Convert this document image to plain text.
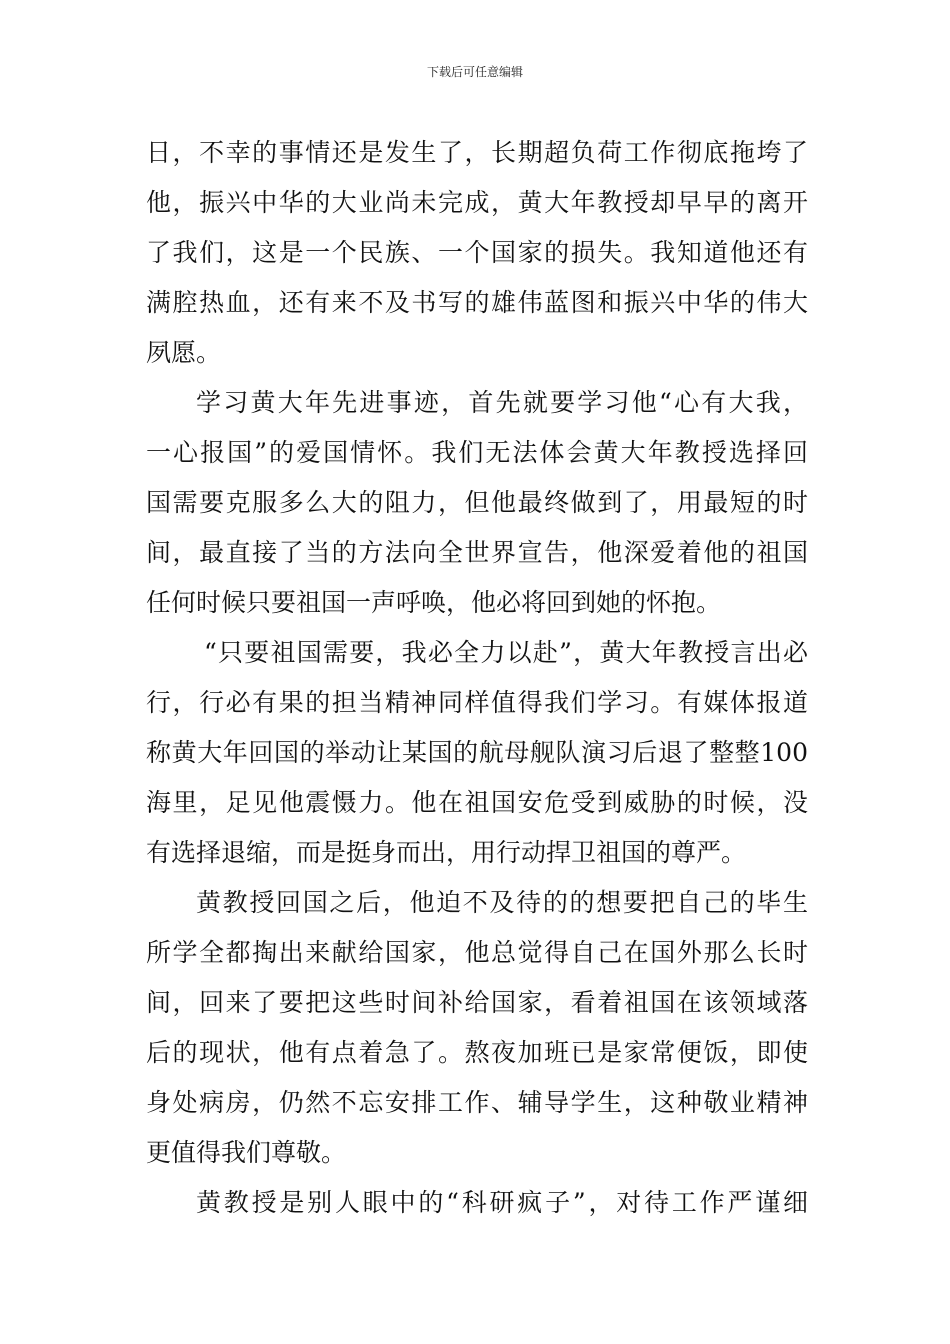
下载后可任意编辑
日，不幸的事情还是发生了，长期超负荷工作彻底拖垮了
他，振兴中华的大业尚未完成，黄大年教授却早早的离开
了我们，这是一个民族、一个国家的损失。我知道他还有
满腔热血，还有来不及书写的雄伟蓝图和振兴中华的伟大
夙愿。
学习黄大年先进事迹，首先就要学习他“心有大我，
一心报国”的爱国情怀。我们无法体会黄大年教授选择回
国需要克服多么大的阻力，但他最终做到了，用最短的时
间，最直接了当的方法向全世界宣告，他深爱着他的祖国
任何时候只要祖国一声呼唤，他必将回到她的怀抱。
“只要祖国需要，我必全力以赴”，黄大年教授言出必
行，行必有果的担当精神同样值得我们学习。有媒体报道
称黄大年回国的举动让某国的航母舰队演习后退了整整100
海里，足见他震慑力。他在祖国安危受到威胁的时候，没
有选择退缩，而是挺身而出，用行动捍卫祖国的尊严。
黄教授回国之后，他迫不及待的的想要把自己的毕生
所学全都掏出来献给国家，他总觉得自己在国外那么长时
间，回来了要把这些时间补给国家，看着祖国在该领域落
后的现状，他有点着急了。熬夜加班已是家常便饭，即使
身处病房，仍然不忘安排工作、辅导学生，这种敬业精神
更值得我们尊敬。
黄教授是别人眼中的“科研疯子”，对待工作严谨细
